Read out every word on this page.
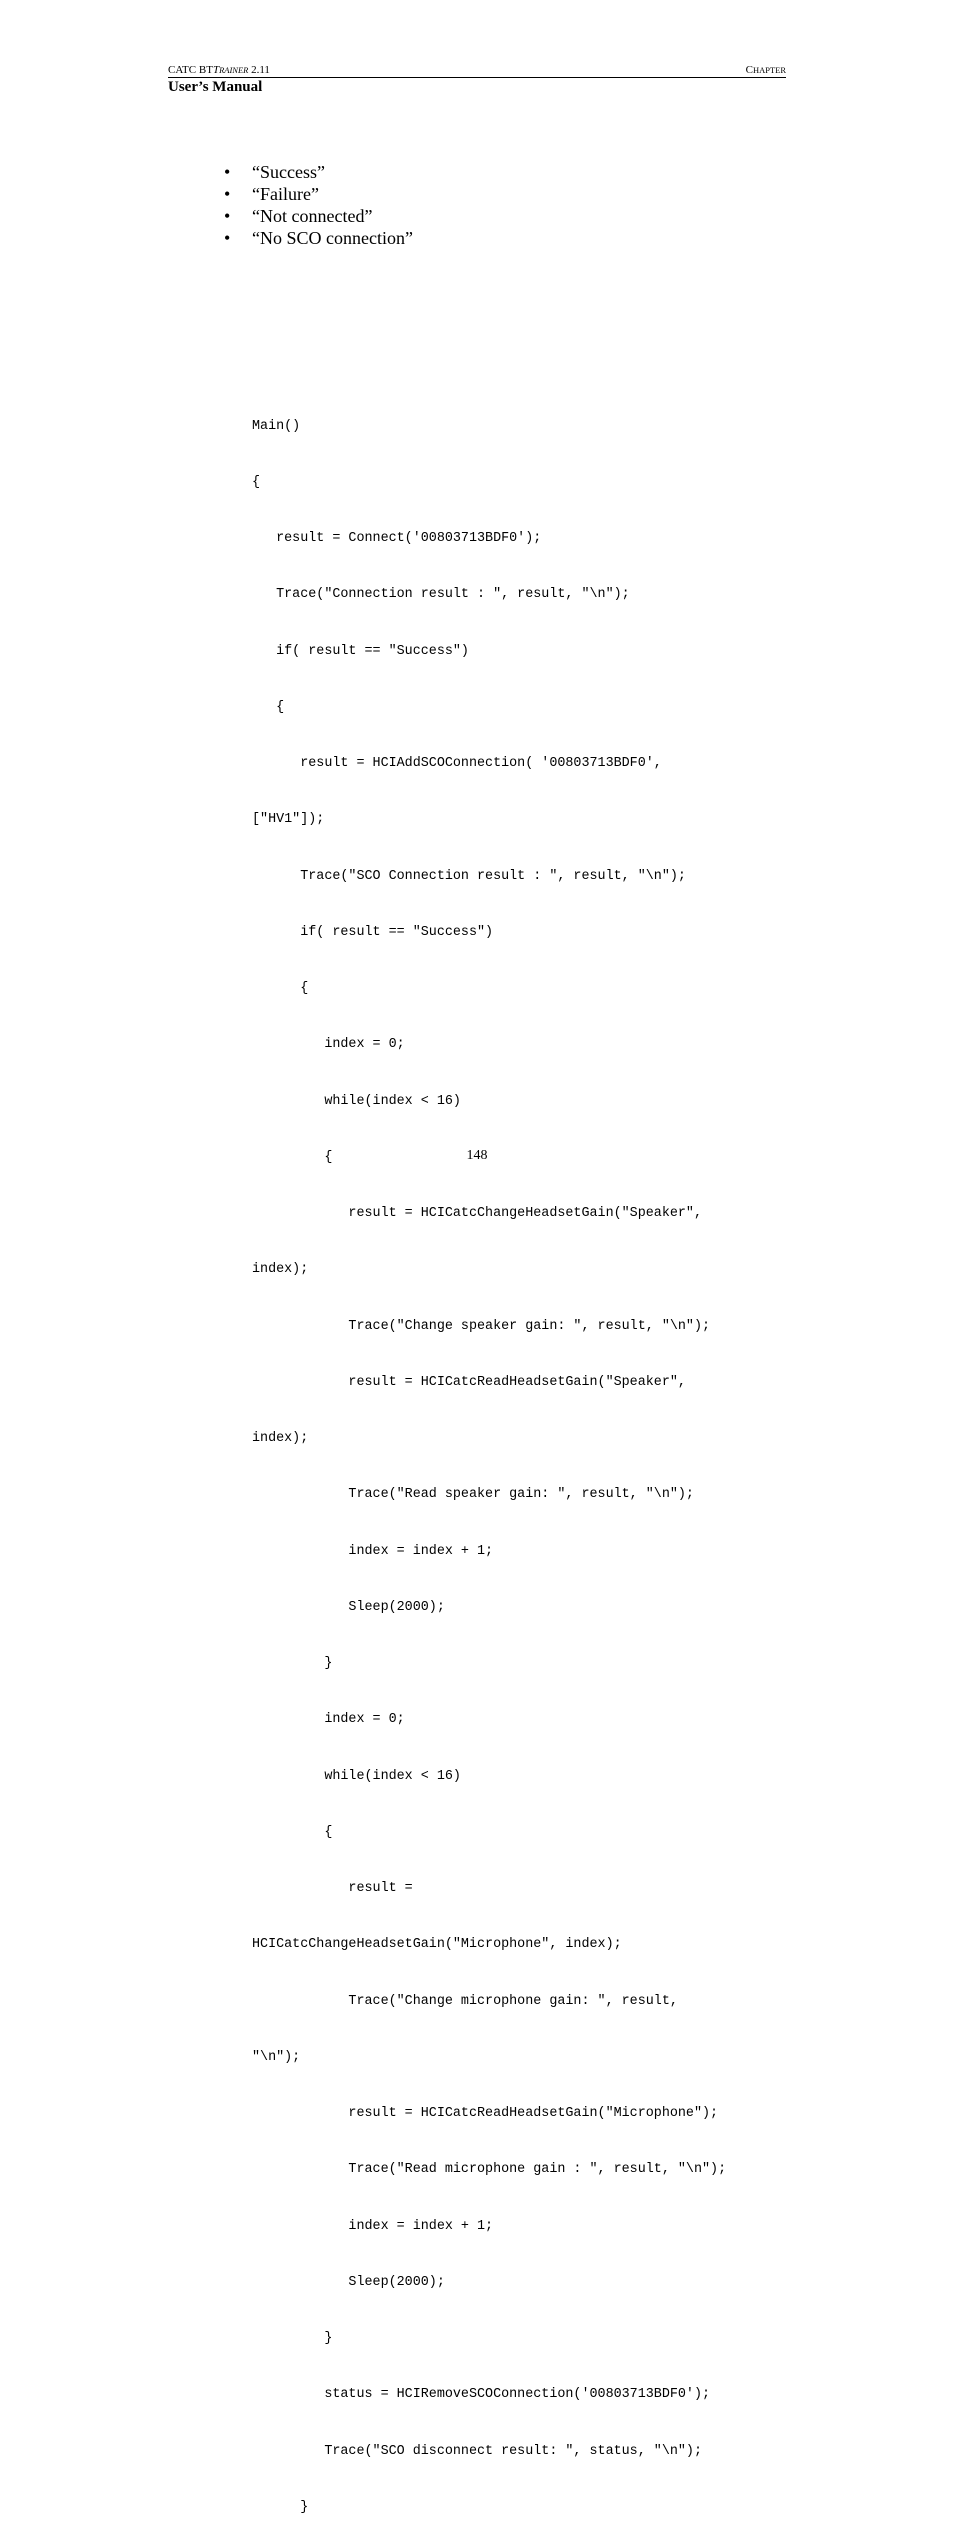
CATC BTTRAINER 2.11	CHAPTER
User’s Manual
• “Success”
• “Failure”
• “Not connected”
• “No SCO connection”

Main()

{

result = Connect('00803713BDF0');

Trace("Connection result : ", result, "\n");

if( result == "Success")

{

result = HCIAddSCOConnection( '00803713BDF0',

["HV1"]);

Trace("SCO Connection result : ", result, "\n");

if( result == "Success")

{

index = 0;

while(index < 16)

{

result = HCICatcChangeHeadsetGain("Speaker",

index);

Trace("Change speaker gain: ", result, "\n");

result = HCICatcReadHeadsetGain("Speaker",

index);

Trace("Read speaker gain: ", result, "\n");

index = index + 1;

Sleep(2000);

}

index = 0;

while(index < 16)

{

result =

HCICatcChangeHeadsetGain("Microphone", index);

Trace("Change microphone gain: ", result,

"\n");

result = HCICatcReadHeadsetGain("Microphone");

Trace("Read microphone gain : ", result, "\n");

index = index + 1;

Sleep(2000);

}

status = HCIRemoveSCOConnection('00803713BDF0');

Trace("SCO disconnect result: ", status, "\n");

}

148
